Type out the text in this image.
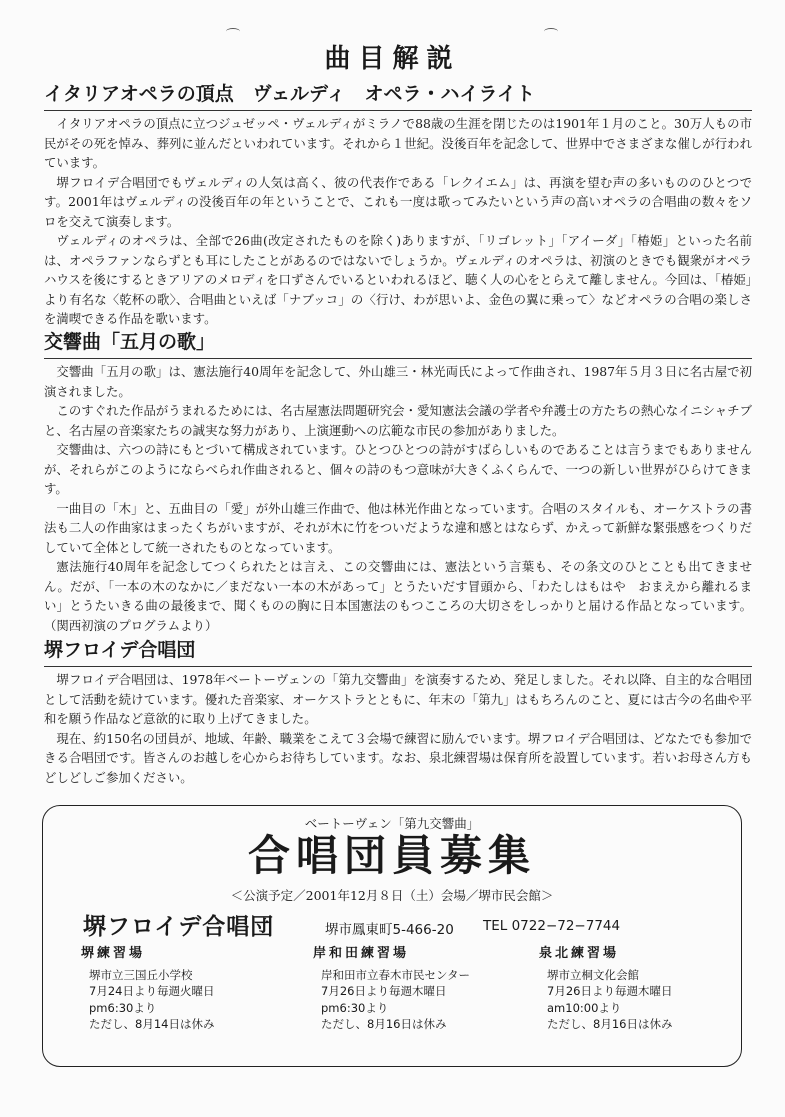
曲目解説
イタリアオペラの頂点　ヴェルディ　オペラ・ハイライト

イタリアオペラの頂点に立つジュゼッペ・ヴェルディがミラノで88歳の生涯を閉じたのは1901年１月のこと。30万人もの市民がその死を悼み、葬列に並んだといわれています。それから１世紀。没後百年を記念して、世界中でさまざまな催しが行われています。

堺フロイデ合唱団でもヴェルディの人気は高く、彼の代表作である「レクイエム」は、再演を望む声の多いもののひとつです。2001年はヴェルディの没後百年の年ということで、これも一度は歌ってみたいという声の高いオペラの合唱曲の数々をソロを交えて演奏します。

ヴェルディのオペラは、全部で26曲(改定されたものを除く)ありますが、「リゴレット」「アイーダ」「椿姫」といった名前は、オペラファンならずとも耳にしたことがあるのではないでしょうか。ヴェルディのオペラは、初演のときでも観衆がオペラハウスを後にするときアリアのメロディを口ずさんでいるといわれるほど、聴く人の心をとらえて離しません。今回は、「椿姫」より有名な〈乾杯の歌〉、合唱曲といえば「ナブッコ」の〈行け、わが思いよ、金色の翼に乗って〉などオペラの合唱の楽しさを満喫できる作品を歌います。

交響曲「五月の歌」

交響曲「五月の歌」は、憲法施行40周年を記念して、外山雄三・林光両氏によって作曲され、1987年５月３日に名古屋で初演されました。

このすぐれた作品がうまれるためには、名古屋憲法問題研究会・愛知憲法会議の学者や弁護士の方たちの熱心なイニシャチブと、名古屋の音楽家たちの誠実な努力があり、上演運動への広範な市民の参加がありました。

交響曲は、六つの詩にもとづいて構成されています。ひとつひとつの詩がすばらしいものであることは言うまでもありませんが、それらがこのようにならべられ作曲されると、個々の詩のもつ意味が大きくふくらんで、一つの新しい世界がひらけてきます。

一曲目の「木」と、五曲目の「愛」が外山雄三作曲で、他は林光作曲となっています。合唱のスタイルも、オーケストラの書法も二人の作曲家はまったくちがいますが、それが木に竹をついだような違和感とはならず、かえって新鮮な緊張感をつくりだしていて全体として統一されたものとなっています。

憲法施行40周年を記念してつくられたとは言え、この交響曲には、憲法という言葉も、その条文のひとことも出てきません。だが、「一本の木のなかに／まだない一本の木があって」とうたいだす冒頭から、「わたしはもはや　おまえから離れるまい」とうたいきる曲の最後まで、聞くものの胸に日本国憲法のもつこころの大切さをしっかりと届ける作品となっています。（関西初演のプログラムより）

堺フロイデ合唱団

堺フロイデ合唱団は、1978年ベートーヴェンの「第九交響曲」を演奏するため、発足しました。それ以降、自主的な合唱団として活動を続けています。優れた音楽家、オーケストラとともに、年末の「第九」はもちろんのこと、夏には古今の名曲や平和を願う作品など意欲的に取り上げてきました。

現在、約150名の団員が、地域、年齢、職業をこえて３会場で練習に励んでいます。堺フロイデ合唱団は、どなたでも参加できる合唱団です。皆さんのお越しを心からお待ちしています。なお、泉北練習場は保育所を設置しています。若いお母さん方もどしどしご参加ください。

ベートーヴェン「第九交響曲」
合唱団員募集
＜公演予定／2001年12月８日（土）会場／堺市民会館＞
堺フロイデ合唱団	堺市鳳東町5-466-20 TEL 0722−72−7744
堺練習場
堺市立三国丘小学校
7月24日より毎週火曜日
pm6:30より
ただし、8月14日は休み
岸和田練習場
岸和田市立春木市民センター
7月26日より毎週木曜日
pm6:30より
ただし、8月16日は休み
泉北練習場
堺市立桐文化会館
7月26日より毎週木曜日
am10:00より
ただし、8月16日は休み
